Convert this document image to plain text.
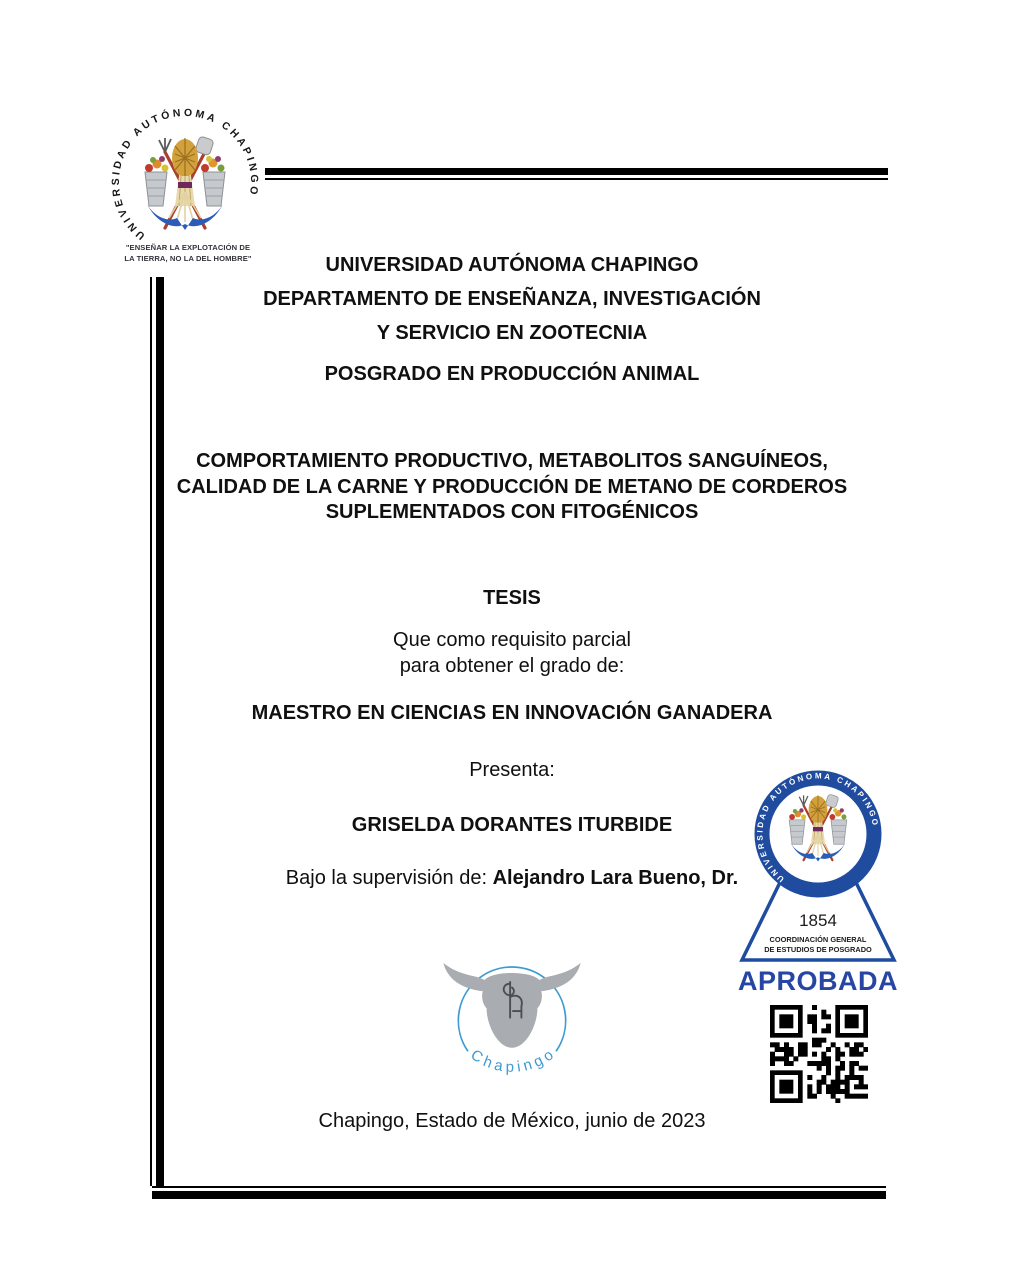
UNIVERSIDAD AUTÓNOMA CHAPINGO
"ENSEÑAR LA EXPLOTACIÓN DE
LA TIERRA, NO LA DEL HOMBRE"	UNIVERSIDAD AUTÓNOMA CHAPINGO
DEPARTAMENTO DE ENSEÑANZA, INVESTIGACIÓN
Y SERVICIO EN ZOOTECNIA
POSGRADO EN PRODUCCIÓN ANIMAL
COMPORTAMIENTO PRODUCTIVO, METABOLITOS SANGUÍNEOS,
CALIDAD DE LA CARNE Y PRODUCCIÓN DE METANO DE CORDEROS
SUPLEMENTADOS CON FITOGÉNICOS
TESIS
Que como requisito parcial
para obtener el grado de:
MAESTRO EN CIENCIAS EN INNOVACIÓN GANADERA
Presenta:
GRISELDA DORANTES ITURBIDE
Bajo la supervisión de: Alejandro Lara Bueno, Dr.
Chapingo
UNIVERSIDAD AUTÓNOMA CHAPINGO
1854
COORDINACIÓN GENERAL
DE ESTUDIOS DE POSGRADO
APROBADA
Chapingo, Estado de México, junio de 2023
